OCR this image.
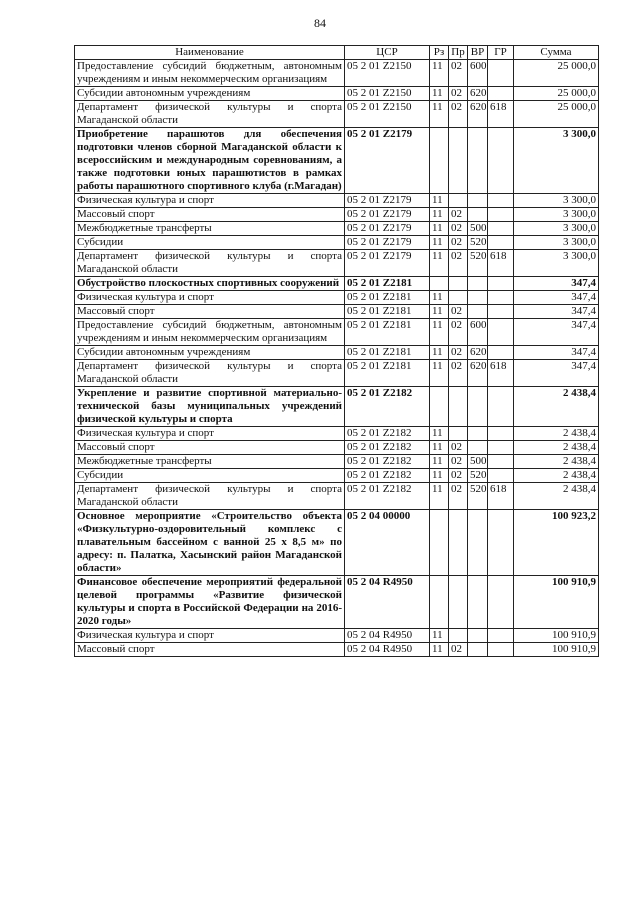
84
Наименование	ЦСР	Рз	Пр	ВР	ГР	Сумма
Предоставление субсидий бюджетным, автономным учреждениям и иным некоммерческим организациям	05 2 01 Z2150	11	02	600		25 000,0
Субсидии автономным учреждениям	05 2 01 Z2150	11	02	620		25 000,0
Департамент физической культуры и спорта Магаданской области	05 2 01 Z2150	11	02	620	618	25 000,0
Приобретение парашютов для обеспечения подготовки членов сборной Магаданской области к всероссийским и международным соревнованиям, а также подготовки юных парашютистов в рамках работы парашютного спортивного клуба (г.Магадан)	05 2 01 Z2179					3 300,0
Физическая культура и спорт	05 2 01 Z2179	11				3 300,0
Массовый спорт	05 2 01 Z2179	11	02			3 300,0
Межбюджетные трансферты	05 2 01 Z2179	11	02	500		3 300,0
Субсидии	05 2 01 Z2179	11	02	520		3 300,0
Департамент физической культуры и спорта Магаданской области	05 2 01 Z2179	11	02	520	618	3 300,0
Обустройство плоскостных спортивных сооружений	05 2 01 Z2181					347,4
Физическая культура и спорт	05 2 01 Z2181	11				347,4
Массовый спорт	05 2 01 Z2181	11	02			347,4
Предоставление субсидий бюджетным, автономным учреждениям и иным некоммерческим организациям	05 2 01 Z2181	11	02	600		347,4
Субсидии автономным учреждениям	05 2 01 Z2181	11	02	620		347,4
Департамент физической культуры и спорта Магаданской области	05 2 01 Z2181	11	02	620	618	347,4
Укрепление и развитие спортивной материально-технической базы муниципальных учреждений физической культуры и спорта	05 2 01 Z2182					2 438,4
Физическая культура и спорт	05 2 01 Z2182	11				2 438,4
Массовый спорт	05 2 01 Z2182	11	02			2 438,4
Межбюджетные трансферты	05 2 01 Z2182	11	02	500		2 438,4
Субсидии	05 2 01 Z2182	11	02	520		2 438,4
Департамент физической культуры и спорта Магаданской области	05 2 01 Z2182	11	02	520	618	2 438,4
Основное мероприятие «Строительство объекта «Физкультурно-оздоровительный комплекс с плавательным бассейном с ванной 25 х 8,5 м» по адресу: п. Палатка, Хасынский район Магаданской области»	05 2 04 00000					100 923,2
Финансовое обеспечение мероприятий федеральной целевой программы «Развитие физической культуры и спорта в Российской Федерации на 2016-2020 годы»	05 2 04 R4950					100 910,9
Физическая культура и спорт	05 2 04 R4950	11				100 910,9
Массовый спорт	05 2 04 R4950	11	02			100 910,9
